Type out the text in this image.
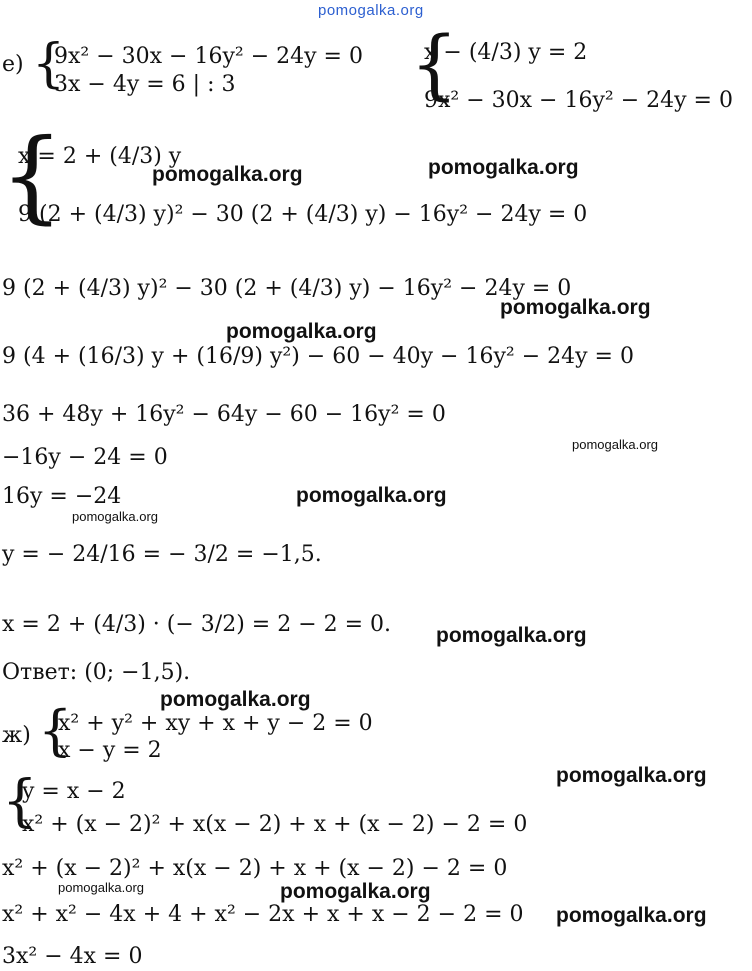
pomogalka.org
е) {
9x² − 30x − 16y² − 24y = 0
3x − 4y = 6 | : 3 {
x − (4/3) y = 2
9x² − 30x − 16y² − 24y = 0
{
x = 2 + (4/3) y
9 (2 + (4/3) y)² − 30 (2 + (4/3) y) − 16y² − 24y = 0
9 (2 + (4/3) y)² − 30 (2 + (4/3) y) − 16y² − 24y = 0
9 (4 + (16/3) y + (16/9) y²) − 60 − 40y − 16y² − 24y = 0
36 + 48y + 16y² − 64y − 60 − 16y² = 0
−16y − 24 = 0
16y = −24
y = − 24/16 = − 3/2 = −1,5.
x = 2 + (4/3) · (− 3/2) = 2 − 2 = 0.
Ответ: (0; −1,5).
ж) {
x² + y² + xy + x + y − 2 = 0
x − y = 2
{
y = x − 2
x² + (x − 2)² + x(x − 2) + x + (x − 2) − 2 = 0
x² + (x − 2)² + x(x − 2) + x + (x − 2) − 2 = 0
x² + x² − 4x + 4 + x² − 2x + x + x − 2 − 2 = 0
3x² − 4x = 0
pomogalka.org	pomogalka.org
pomogalka.org
pomogalka.org
pomogalka.org
pomogalka.org
pomogalka.org
pomogalka.org
pomogalka.org
pomogalka.org
pomogalka.org	pomogalka.org
pomogalka.org
